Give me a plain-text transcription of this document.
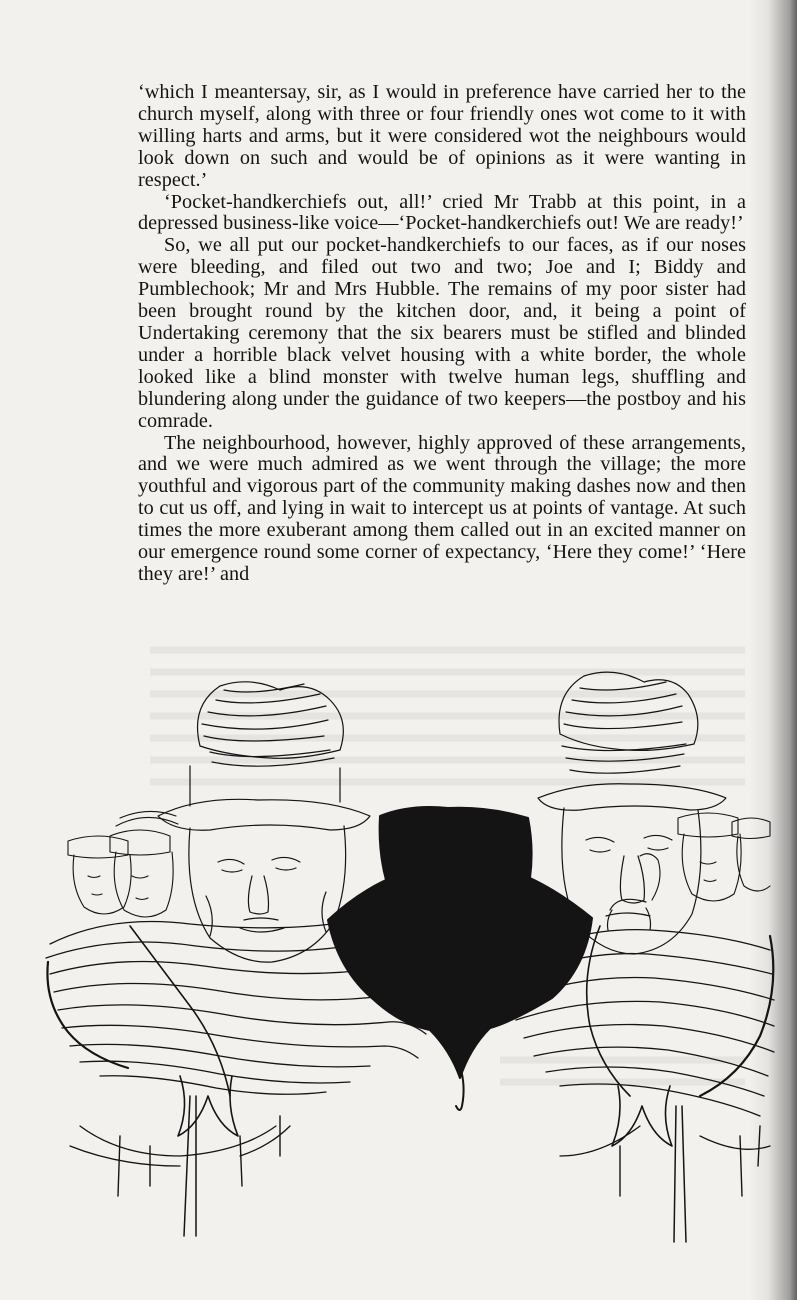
‘which I meantersay, sir, as I would in preference have carried her to the church myself, along with three or four friendly ones wot come to it with willing harts and arms, but it were considered wot the neighbours would look down on such and would be of opinions as it were wanting in respect.’

‘Pocket-handkerchiefs out, all!’ cried Mr Trabb at this point, in a depressed business-like voice—‘Pocket-handkerchiefs out! We are ready!’

So, we all put our pocket-handkerchiefs to our faces, as if our noses were bleeding, and filed out two and two; Joe and I; Biddy and Pumblechook; Mr and Mrs Hubble. The remains of my poor sister had been brought round by the kitchen door, and, it being a point of Undertaking ceremony that the six bearers must be stifled and blinded under a horrible black velvet housing with a white border, the whole looked like a blind monster with twelve human legs, shuffling and blundering along under the guidance of two keepers—the postboy and his comrade.

The neighbourhood, however, highly approved of these arrangements, and we were much admired as we went through the village; the more youthful and vigorous part of the community making dashes now and then to cut us off, and lying in wait to intercept us at points of vantage. At such times the more exuberant among them called out in an excited manner on our emergence round some corner of expectancy, ‘Here they come!’ ‘Here they are!’ and
